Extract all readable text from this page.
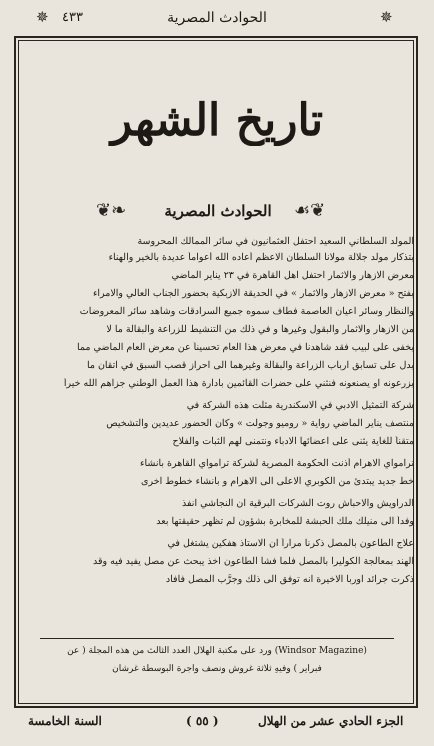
✵ ٤٣٣	الحوادث المصرية	✵
تاريخ الشهر
❦❧	الحوادث المصرية ☙❦
المولد السلطاني السعيد احتفل العثمانيون في سائر الممالك المحروسة
بتذكار مولد جلالة مولانا السلطان الاعظم أعاده الله أعواماً عديدة بالخير والهناء
معرض الازهار والاثمار احتفل اهل القاهرة في ٢٣ يناير الماضي
بفتح « معرض الازهار والاثمار » في الحديقة الازبكية بحضور الجناب العالي والامراء
والنظار وسائر اعيان العاصمة فطاف سموه جميع السرادقات وشاهد سائر المعروضات
من الازهار والاثمار والبقول وغيرها و في ذلك من التنشيط للزراعة والبقالة ما لا
يخفى على لبيب فقد شاهدنا في معرض هذا العام تحسيناً عن معرض العام الماضي مما
يدل على تسابق ارباب الزراعة والبقالة وغيرهما الى احراز قصب السبق في اتقان ما
يزرعونه او يصنعونه فنثني على حضرات القائمين بادارة هذا العمل الوطني جزاهم الله خيراً
شركة التمثيل الادبي في الاسكندرية مثلت هذه الشركة في
منتصف يناير الماضي رواية « روميو وجولت » وكان الحضور عديدين والتشخيص
متقناً للغاية يثنى على اعضائها الادباء ونتمنى لهم الثبات والفلاح
ترامواي الاهرام أذنت الحكومة المصرية لشركة ترامواي القاهرة بانشاء
خط جديد يبتدئ من الكوبري الاعلى الى الاهرام و بانشاء خطوط اخرى
الدراويش والاحباش روت الشركات البرقية ان النجاشي انفذ
وفداً الى منيلك ملك الحبشة للمخابرة بشؤون لم تظهر حقيقتها بعد
علاج الطاعون بالمصل ذكرنا مراراً ان الاستاذ هفكين يشتغل في
الهند بمعالجة الكوليرا بالمصل فلما فشا الطاعون اخذ يبحث عن مصل يفيد فيه وقد
ذكرت جرائد اوربا الاخيرة انه توفق الى ذلك وجرَّب المصل فافاد
(Windsor Magazine) ورد على مكتبة الهلال العدد الثالث من هذه المجلة ( عن
فبراير ) وفيهِ ثلاثة غروش ونصف واجرة البوسطة غرشان
السنة الخامسة	( ٥٥ )	الجزء الحادي عشر من الهلال
